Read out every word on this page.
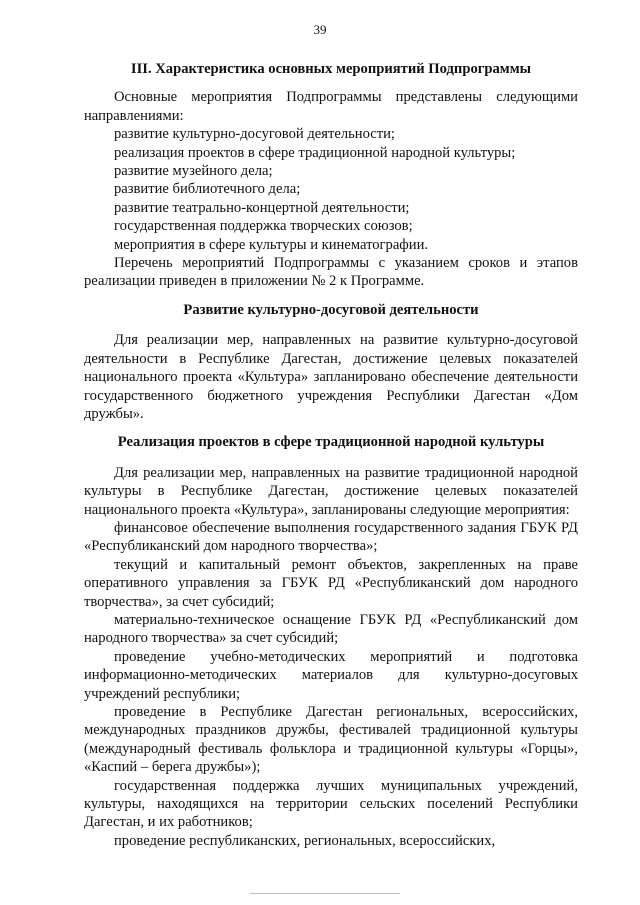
39
III. Характеристика основных мероприятий Подпрограммы

Основные мероприятия Подпрограммы представлены следующими направлениями:

развитие культурно-досуговой деятельности;
реализация проектов в сфере традиционной народной культуры;
развитие музейного дела;
развитие библиотечного дела;
развитие театрально-концертной деятельности;
государственная поддержка творческих союзов;
мероприятия в сфере культуры и кинематографии.

Перечень мероприятий Подпрограммы с указанием сроков и этапов реализации приведен в приложении № 2 к Программе.

Развитие культурно-досуговой деятельности

Для реализации мер, направленных на развитие культурно-досуговой деятельности в Республике Дагестан, достижение целевых показателей национального проекта «Культура» запланировано обеспечение деятельности государственного бюджетного учреждения Республики Дагестан «Дом дружбы».

Реализация проектов в сфере традиционной народной культуры

Для реализации мер, направленных на развитие традиционной народной культуры в Республике Дагестан, достижение целевых показателей национального проекта «Культура», запланированы следующие мероприятия:

финансовое обеспечение выполнения государственного задания ГБУК РД «Республиканский дом народного творчества»;

текущий и капитальный ремонт объектов, закрепленных на праве оперативного управления за ГБУК РД «Республиканский дом народного творчества», за счет субсидий;

материально-техническое оснащение ГБУК РД «Республиканский дом народного творчества» за счет субсидий;

проведение учебно-методических мероприятий и подготовка информационно-методических материалов для культурно-досуговых учреждений республики;

проведение в Республике Дагестан региональных, всероссийских, международных праздников дружбы, фестивалей традиционной культуры (международный фестиваль фольклора и традиционной культуры «Горцы», «Каспий – берега дружбы»);

государственная поддержка лучших муниципальных учреждений, культуры, находящихся на территории сельских поселений Республики Дагестан, и их работников;

проведение республиканских, региональных, всероссийских,
